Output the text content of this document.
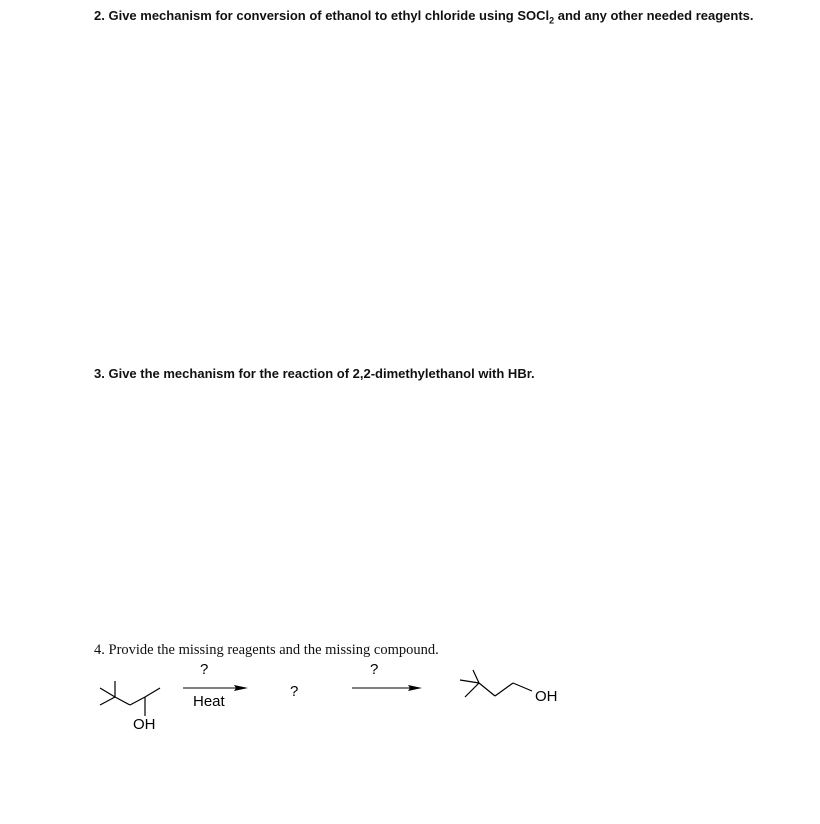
2. Give mechanism for conversion of ethanol to ethyl chloride using SOCl$_2$ and any other needed reagents.
3. Give the mechanism for the reaction of 2,2-dimethylethanol with HBr.
4. Provide the missing reagents and the missing compound.
?
Heat
?
?
OH
OH
